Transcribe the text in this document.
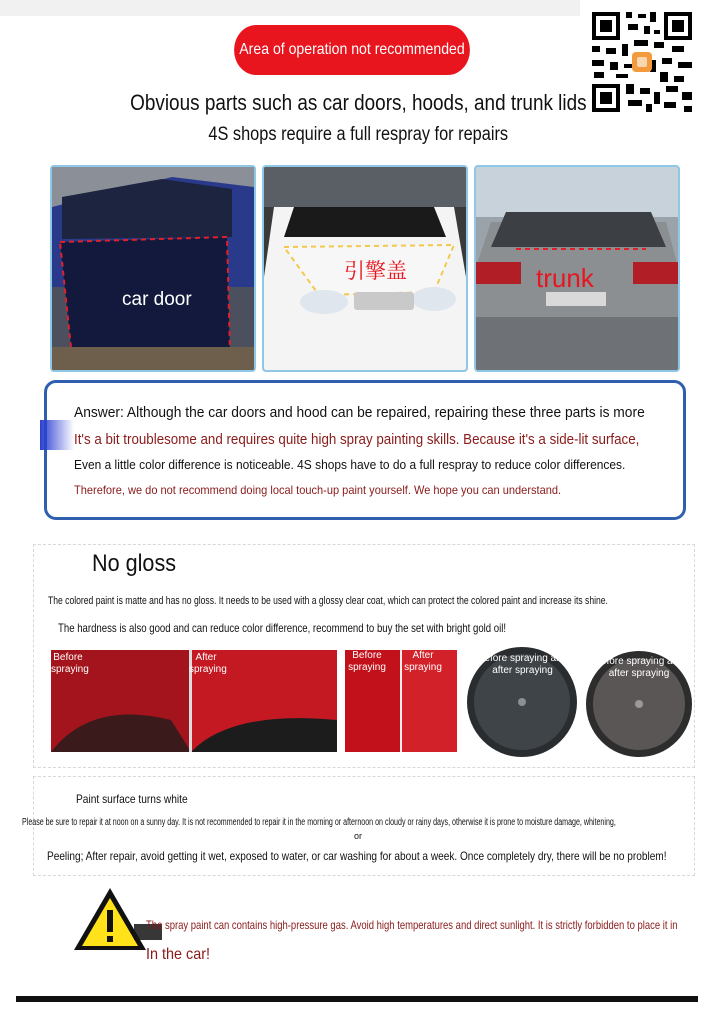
Area of operation not recommended
Obvious parts such as car doors, hoods, and trunk lids
4S shops require a full respray for repairs
car door
引擎盖	trunk
Answer: Although the car doors and hood can be repaired, repairing these three parts is more
It's a bit troublesome and requires quite high spray painting skills. Because it's a side-lit surface,
Even a little color difference is noticeable. 4S shops have to do a full respray to reduce color differences.
Therefore, we do not recommend doing local touch-up paint yourself. We hope you can understand.
No gloss
The colored paint is matte and has no gloss. It needs to be used with a glossy clear coat, which can protect the colored paint and increase its shine.
The hardness is also good and can reduce color difference, recommend to buy the set with bright gold oil!
Before spraying
After spraying
Before spraying
After spraying
Before spraying and after spraying
Before spraying and after spraying
Paint surface turns white
Please be sure to repair it at noon on a sunny day. It is not recommended to repair it in the morning or afternoon on cloudy or rainy days, otherwise it is prone to moisture damage, whitening,
or
Peeling; After repair, avoid getting it wet, exposed to water, or car washing for about a week. Once completely dry, there will be no problem!
The spray paint can contains high-pressure gas. Avoid high temperatures and direct sunlight. It is strictly forbidden to place it in
In the car!
